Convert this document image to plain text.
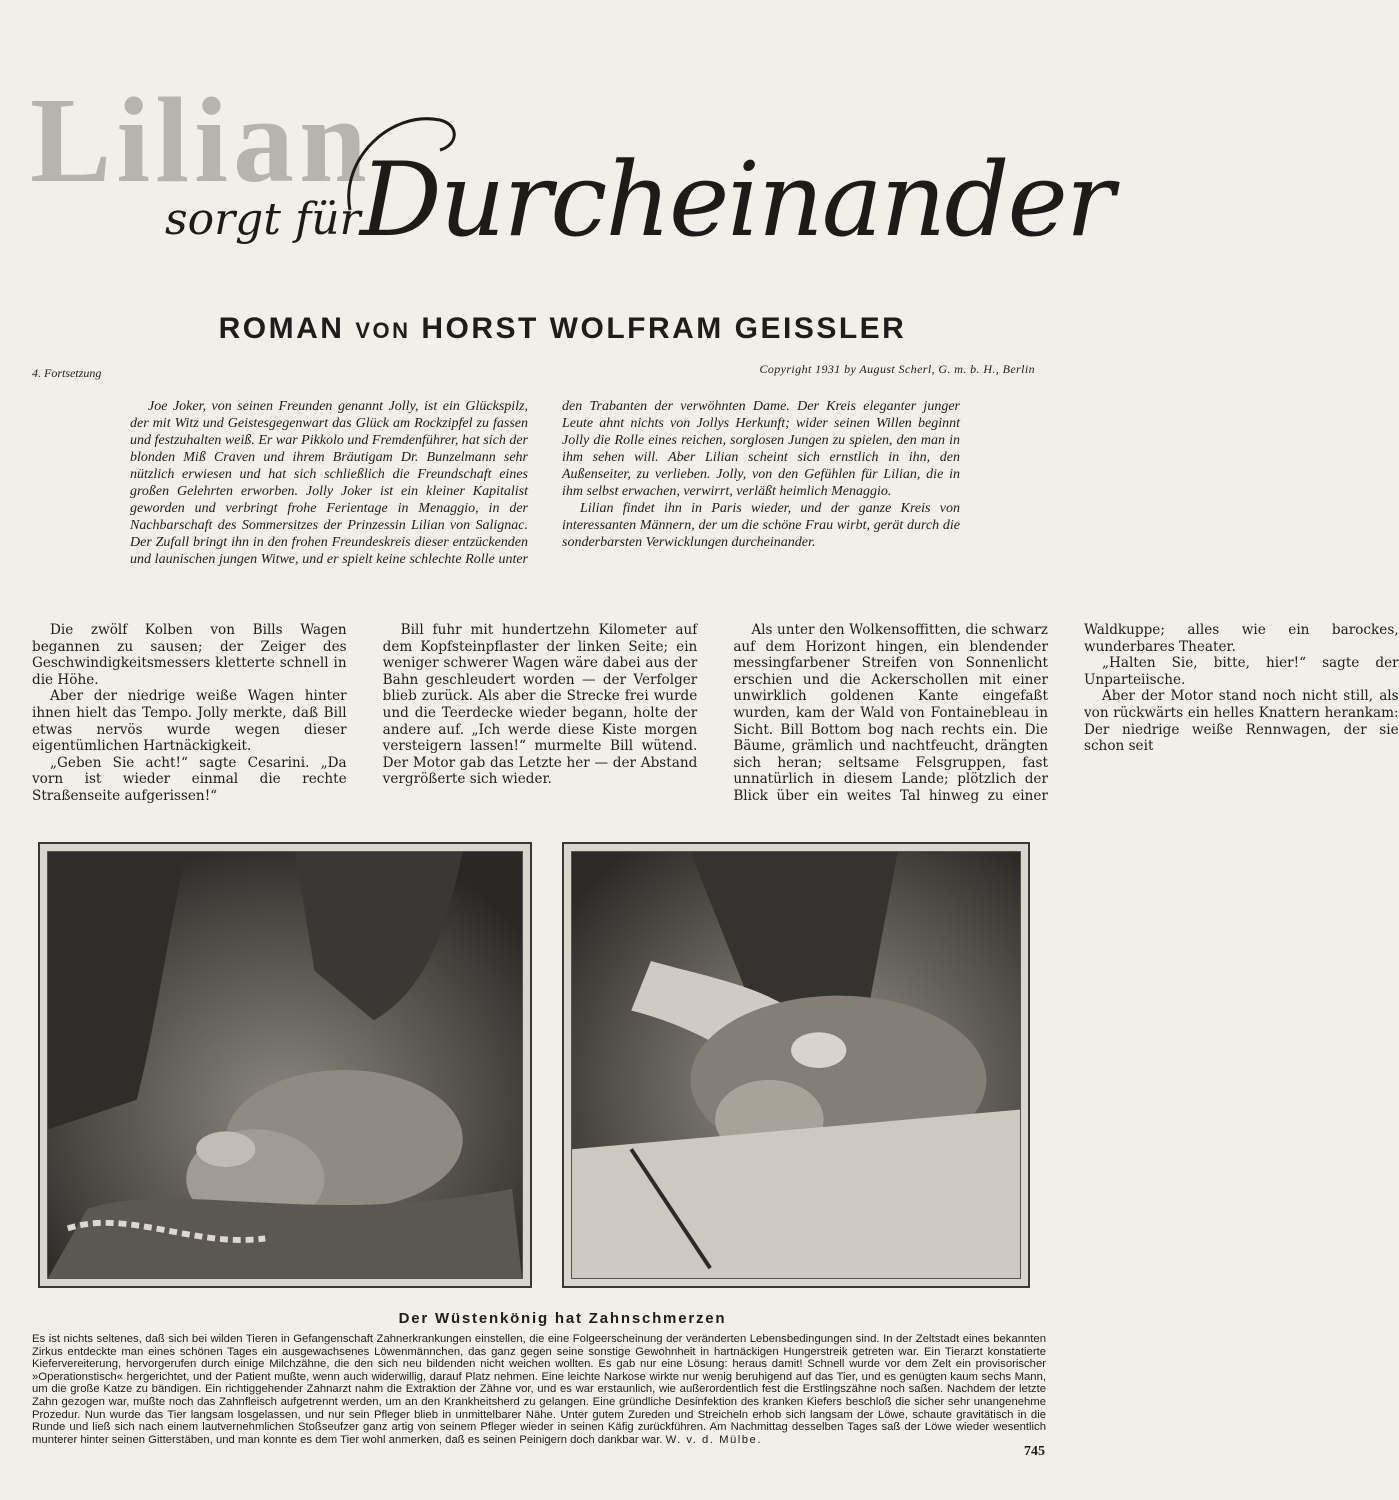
Lilian
sorgt für Durcheinander
ROMAN VON HORST WOLFRAM GEISSLER
4. Fortsetzung	Copyright 1931 by August Scherl, G. m. b. H., Berlin

Joe Joker, von seinen Freunden genannt Jolly, ist ein Glückspilz, der mit Witz und Geistesgegenwart das Glück am Rockzipfel zu fassen und festzuhalten weiß. Er war Pikkolo und Fremdenführer, hat sich der blonden Miß Craven und ihrem Bräutigam Dr. Bunzelmann sehr nützlich erwiesen und hat sich schließlich die Freundschaft eines großen Gelehrten erworben. Jolly Joker ist ein kleiner Kapitalist geworden und verbringt frohe Ferientage in Menaggio, in der Nachbarschaft des Sommersitzes der Prinzessin Lilian von Salignac. Der Zufall bringt ihn in den frohen Freundeskreis dieser entzückenden und launischen jungen Witwe, und er spielt keine schlechte Rolle unter den Trabanten der verwöhnten Dame. Der Kreis eleganter junger Leute ahnt nichts von Jollys Herkunft; wider seinen Willen beginnt Jolly die Rolle eines reichen, sorglosen Jungen zu spielen, den man in ihm sehen will. Aber Lilian scheint sich ernstlich in ihn, den Außenseiter, zu verlieben. Jolly, von den Gefühlen für Lilian, die in ihm selbst erwachen, verwirrt, verläßt heimlich Menaggio.

Lilian findet ihn in Paris wieder, und der ganze Kreis von interessanten Männern, der um die schöne Frau wirbt, gerät durch die sonderbarsten Verwicklungen durcheinander.

Die zwölf Kolben von Bills Wagen begannen zu sausen; der Zeiger des Geschwindigkeitsmessers kletterte schnell in die Höhe.

Aber der niedrige weiße Wagen hinter ihnen hielt das Tempo. Jolly merkte, daß Bill etwas nervös wurde wegen dieser eigentümlichen Hartnäckigkeit.

„Geben Sie acht!“ sagte Cesarini. „Da vorn ist wieder einmal die rechte Straßenseite aufgerissen!“

Bill fuhr mit hundertzehn Kilometer auf dem Kopfsteinpflaster der linken Seite; ein weniger schwerer Wagen wäre dabei aus der Bahn geschleudert worden — der Verfolger blieb zurück. Als aber die Strecke frei wurde und die Teerdecke wieder begann, holte der andere auf. „Ich werde diese Kiste morgen versteigern lassen!“ murmelte Bill wütend. Der Motor gab das Letzte her — der Abstand vergrößerte sich wieder.

Als unter den Wolkensoffitten, die schwarz auf dem Horizont hingen, ein blendender messingfarbener Streifen von Sonnenlicht erschien und die Ackerschollen mit einer unwirklich goldenen Kante eingefaßt wurden, kam der Wald von Fontainebleau in Sicht. Bill Bottom bog nach rechts ein. Die Bäume, grämlich und nachtfeucht, drängten sich heran; seltsame Felsgruppen, fast unnatürlich in diesem Lande; plötzlich der Blick über ein weites Tal hinweg zu einer Waldkuppe; alles wie ein barockes, wunderbares Theater.

„Halten Sie, bitte, hier!“ sagte der Unparteiische.

Aber der Motor stand noch nicht still, als von rückwärts ein helles Knattern herankam: Der niedrige weiße Rennwagen, der sie schon seit

Der Wüstenkönig hat Zahnschmerzen
Es ist nichts seltenes, daß sich bei wilden Tieren in Gefangenschaft Zahnerkrankungen einstellen, die eine Folgeerscheinung der veränderten Lebensbedingungen sind. In der Zeltstadt eines bekannten Zirkus entdeckte man eines schönen Tages ein ausgewachsenes Löwenmännchen, das ganz gegen seine sonstige Gewohnheit in hartnäckigen Hungerstreik getreten war. Ein Tierarzt konstatierte Kiefervereiterung, hervorgerufen durch einige Milchzähne, die den sich neu bildenden nicht weichen wollten. Es gab nur eine Lösung: heraus damit! Schnell wurde vor dem Zelt ein provisorischer »Operationstisch« hergerichtet, und der Patient mußte, wenn auch widerwillig, darauf Platz nehmen. Eine leichte Narkose wirkte nur wenig beruhigend auf das Tier, und es genügten kaum sechs Mann, um die große Katze zu bändigen. Ein richtiggehender Zahnarzt nahm die Extraktion der Zähne vor, und es war erstaunlich, wie außerordentlich fest die Erstlingszähne noch saßen. Nachdem der letzte Zahn gezogen war, mußte noch das Zahnfleisch aufgetrennt werden, um an den Krankheitsherd zu gelangen. Eine gründliche Desinfektion des kranken Kiefers beschloß die sicher sehr unangenehme Prozedur. Nun wurde das Tier langsam losgelassen, und nur sein Pfleger blieb in unmittelbarer Nähe. Unter gutem Zureden und Streicheln erhob sich langsam der Löwe, schaute gravitätisch in die Runde und ließ sich nach einem lautvernehmlichen Stoßseufzer ganz artig von seinem Pfleger wieder in seinen Käfig zurückführen. Am Nachmittag desselben Tages saß der Löwe wieder wesentlich munterer hinter seinen Gitterstäben, und man konnte es dem Tier wohl anmerken, daß es seinen Peinigern doch dankbar war. W. v. d. Mülbe.
745
